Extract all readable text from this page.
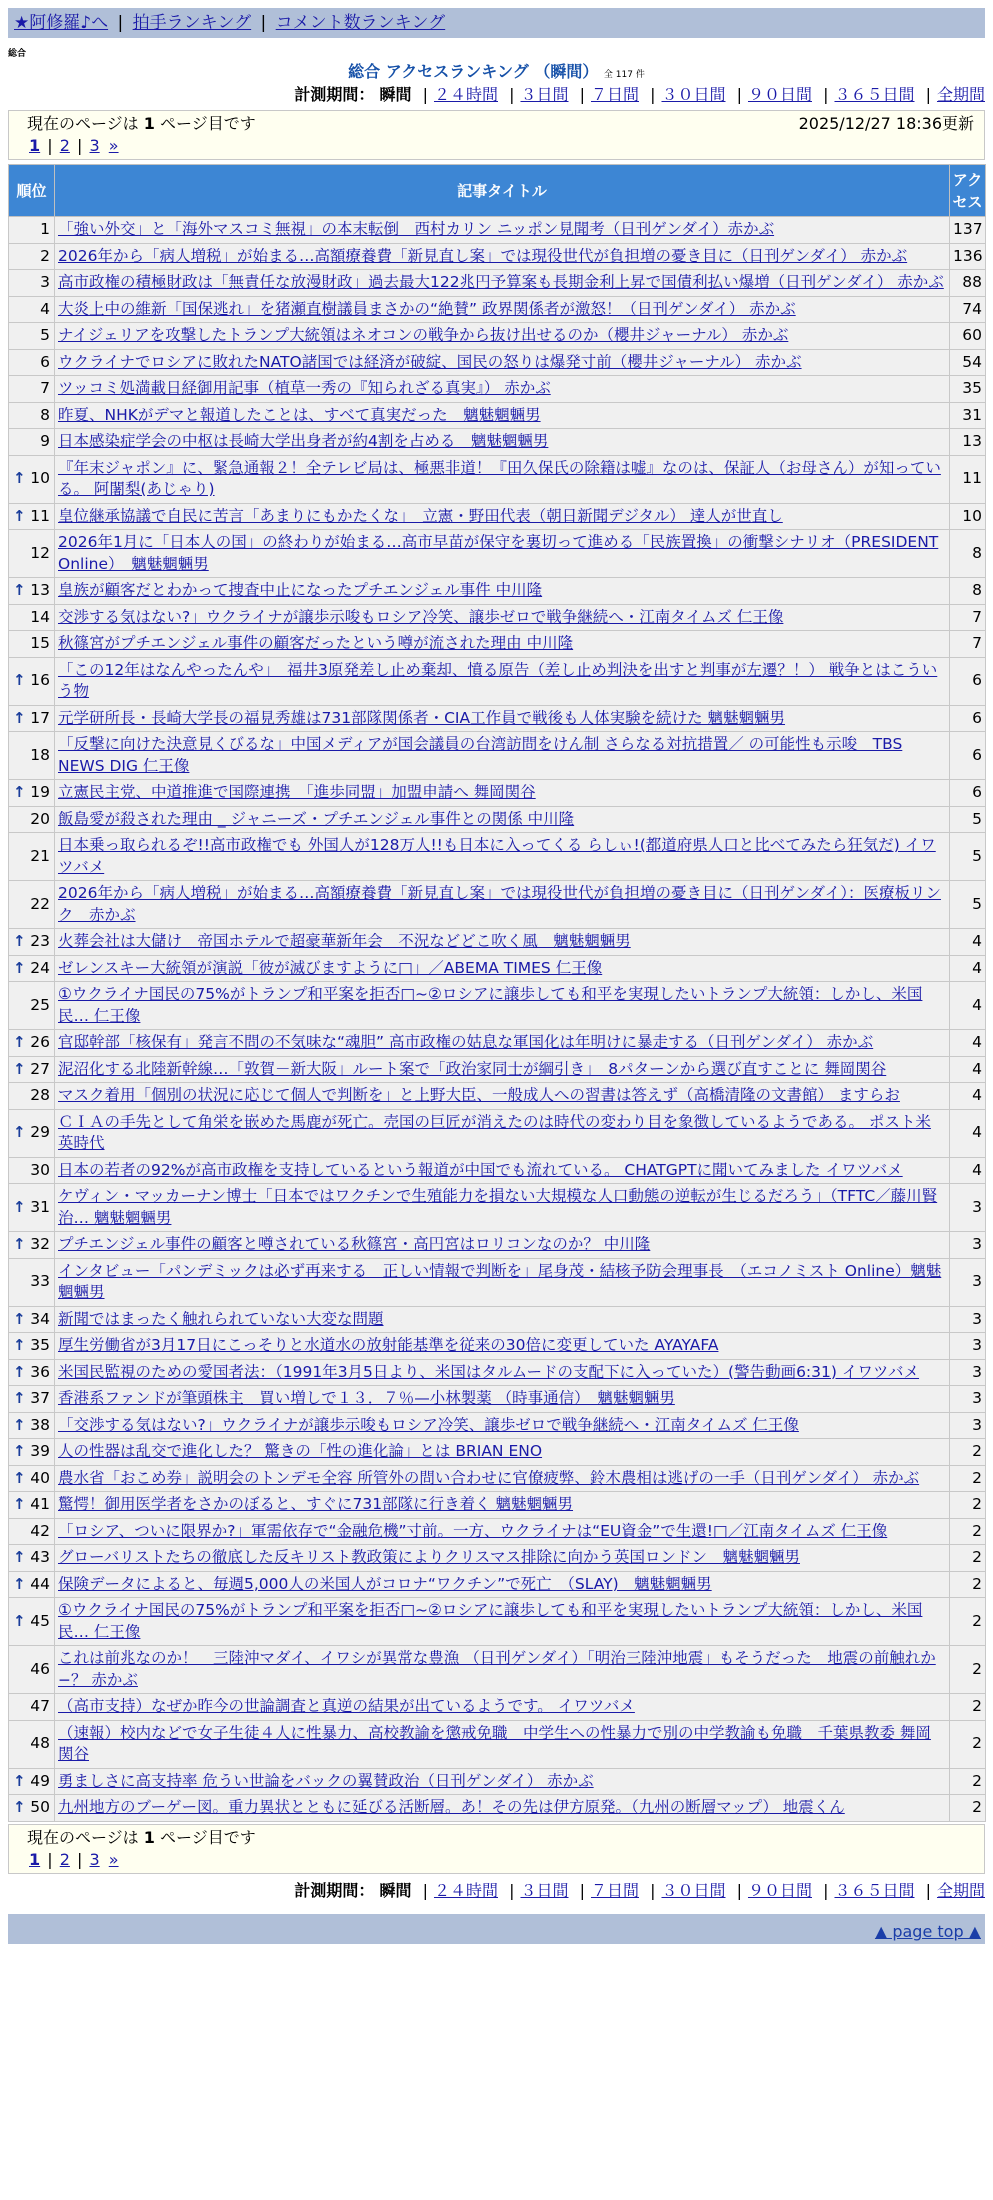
★阿修羅♪へ | 拍手ランキング | コメント数ランキング
総合
総合 アクセスランキング （瞬間） 全 117 件
計測期間： 瞬間 | ２４時間 | ３日間 | ７日間 | ３０日間 | ９０日間 | ３６５日間 | 全期間
現在のページは 1 ページ目です	2025/12/27 18:36更新
1 | 2 | 3 »
順位	記事タイトル	アクセス
1	「強い外交」と「海外マスコミ無視」の本末転倒　西村カリン ニッポン見聞考（日刊ゲンダイ）赤かぶ	137
2	2026年から「病人増税」が始まる…高額療養費「新見直し案」では現役世代が負担増の憂き目に（日刊ゲンダイ） 赤かぶ	136
3	高市政権の積極財政は「無責任な放漫財政」過去最大122兆円予算案も長期金利上昇で国債利払い爆増（日刊ゲンダイ） 赤かぶ	88
4	大炎上中の維新「国保逃れ」を猪瀬直樹議員まさかの“絶賛” 政界関係者が激怒！（日刊ゲンダイ） 赤かぶ	74
5	ナイジェリアを攻撃したトランプ大統領はネオコンの戦争から抜け出せるのか（櫻井ジャーナル） 赤かぶ	60
6	ウクライナでロシアに敗れたNATO諸国では経済が破綻、国民の怒りは爆発寸前（櫻井ジャーナル） 赤かぶ	54
7	ツッコミ処満載日経御用記事（植草一秀の『知られざる真実』） 赤かぶ	35
8	昨夏、NHKがデマと報道したことは、すべて真実だった　魑魅魍魎男	31
9	日本感染症学会の中枢は長崎大学出身者が約4割を占める　魑魅魍魎男	13

↑ 10	『年末ジャポン』に、緊急通報２！全テレビ局は、極悪非道！『田久保氏の除籍は嘘』なのは、保証人（お母さん）が知っている。 阿闍梨(あじゃり)	11

↑ 11	皇位継承協議で自民に苦言「あまりにもかたくな」　立憲・野田代表（朝日新聞デジタル） 達人が世直し	10
12	2026年1月に「日本人の国」の終わりが始まる…高市早苗が保守を裏切って進める「民族置換」の衝撃シナリオ（PRESIDENT Online）　魑魅魍魎男	8

↑ 13	皇族が顧客だとわかって捜査中止になったプチエンジェル事件 中川隆	8
14	交渉する気はない?」ウクライナが譲歩示唆もロシア冷笑、譲歩ゼロで戦争継続へ・江南タイムズ 仁王像	7
15	秋篠宮がプチエンジェル事件の顧客だったという噂が流された理由 中川隆	7

↑ 16	「この12年はなんやったんや」　福井3原発差し止め棄却、憤る原告（差し止め判決を出すと判事が左遷？！） 戦争とはこういう物	6

↑ 17	元学研所長・長崎大学長の福見秀雄は731部隊関係者・CIA工作員で戦後も人体実験を続けた 魑魅魍魎男	6
18	「反撃に向けた決意見くびるな」中国メディアが国会議員の台湾訪問をけん制 さらなる対抗措置／ の可能性も示唆　TBS NEWS DIG 仁王像	6

↑ 19	立憲民主党、中道推進で国際連携　「進歩同盟」加盟申請へ 舞岡関谷	6
20	飯島愛が殺された理由 _ ジャニーズ・プチエンジェル事件との関係 中川隆	5
21	日本乗っ取られるぞ!!高市政権でも 外国人が128万人!!も日本に入ってくる らしぃ!(都道府県人口と比べてみたら狂気だ) イワツバメ	5
22	2026年から「病人増税」が始まる…高額療養費「新見直し案」では現役世代が負担増の憂き目に（日刊ゲンダイ）：医療板リンク　赤かぶ	5

↑ 23	火葬会社は大儲け　帝国ホテルで超豪華新年会　不況などどこ吹く風　魑魅魍魎男	4

↑ 24	ゼレンスキー大統領が演説「彼が滅びますように□」／ABEMA TIMES 仁王像	4
25	①ウクライナ国民の75%がトランプ和平案を拒否□~②ロシアに譲歩しても和平を実現したいトランプ大統領：しかし、米国民… 仁王像	4

↑ 26	官邸幹部「核保有」発言不問の不気味な“魂胆” 高市政権の姑息な軍国化は年明けに暴走する（日刊ゲンダイ） 赤かぶ	4

↑ 27	泥沼化する北陸新幹線…「敦賀－新大阪」ルート案で「政治家同士が綱引き」　8パターンから選び直すことに 舞岡関谷	4
28	マスク着用「個別の状況に応じて個人で判断を」と上野大臣、一般成人への習書は答えず（高橋清隆の文書館） ますらお	4

↑ 29	ＣＩＡの手先として角栄を嵌めた馬鹿が死亡。売国の巨匠が消えたのは時代の変わり目を象徴しているようである。 ポスト米英時代	4
30	日本の若者の92%が高市政権を支持しているという報道が中国でも流れている。 CHATGPTに聞いてみました イワツバメ	4

↑ 31	ケヴィン・マッカーナン博士「日本ではワクチンで生殖能力を損ない大規模な人口動態の逆転が生じるだろう」（TFTC／藤川賢治… 魑魅魍魎男	3

↑ 32	プチエンジェル事件の顧客と噂されている秋篠宮・高円宮はロリコンなのか？ 中川隆	3
33	インタビュー「パンデミックは必ず再来する　正しい情報で判断を」尾身茂・結核予防会理事長　（エコノミスト Online）魑魅魍魎男	3

↑ 34	新聞ではまったく触れられていない大変な問題	3

↑ 35	厚生労働省が3月17日にこっそりと水道水の放射能基準を従来の30倍に変更していた AYAYAFA	3

↑ 36	米国民監視のための愛国者法：（1991年3月5日より、米国はタルムードの支配下に入っていた）(警告動画6:31) イワツバメ	3

↑ 37	香港系ファンドが筆頭株主　買い増しで１３．７％—小林製薬 （時事通信）　魑魅魍魎男	3

↑ 38	「交渉する気はない?」ウクライナが譲歩示唆もロシア冷笑、譲歩ゼロで戦争継続へ・江南タイムズ 仁王像	3

↑ 39	人の性器は乱交で進化した？ 驚きの「性の進化論」とは BRIAN ENO	2

↑ 40	農水省「おこめ券」説明会のトンデモ全容 所管外の問い合わせに官僚疲弊、鈴木農相は逃げの一手（日刊ゲンダイ） 赤かぶ	2

↑ 41	驚愕！御用医学者をさかのぼると、すぐに731部隊に行き着く 魑魅魍魎男	2
42	「ロシア、ついに限界か?」軍需依存で“金融危機”寸前。一方、ウクライナは“EU資金”で生還!□／江南タイムズ 仁王像	2

↑ 43	グローバリストたちの徹底した反キリスト教政策によりクリスマス排除に向かう英国ロンドン　魑魅魍魎男	2

↑ 44	保険データによると、毎週5,000人の米国人がコロナ“ワクチン”で死亡　（SLAY)　魑魅魍魎男	2

↑ 45	①ウクライナ国民の75%がトランプ和平案を拒否□~②ロシアに譲歩しても和平を実現したいトランプ大統領：しかし、米国民… 仁王像	2
46	これは前兆なのか！　三陸沖マダイ、イワシが異常な豊漁 （日刊ゲンダイ）「明治三陸沖地震」もそうだった　地震の前触れか−？ 赤かぶ	2
47	（高市支持）なぜか昨今の世論調査と真逆の結果が出ているようです。 イワツバメ	2
48	（速報）校内などで女子生徒４人に性暴力、高校教諭を懲戒免職　中学生への性暴力で別の中学教諭も免職　千葉県教委 舞岡関谷	2

↑ 49	勇ましさに高支持率 危うい世論をバックの翼賛政治（日刊ゲンダイ） 赤かぶ	2

↑ 50	九州地方のブーゲー図。重力異状とともに延びる活断層。あ！その先は伊方原発。（九州の断層マップ） 地震くん	2
計測期間： 瞬間 | ２４時間 | ３日間 | ７日間 | ３０日間 | ９０日間 | ３６５日間 | 全期間
現在のページは 1 ページ目です
1 | 2 | 3 »
▲ page top ▲
